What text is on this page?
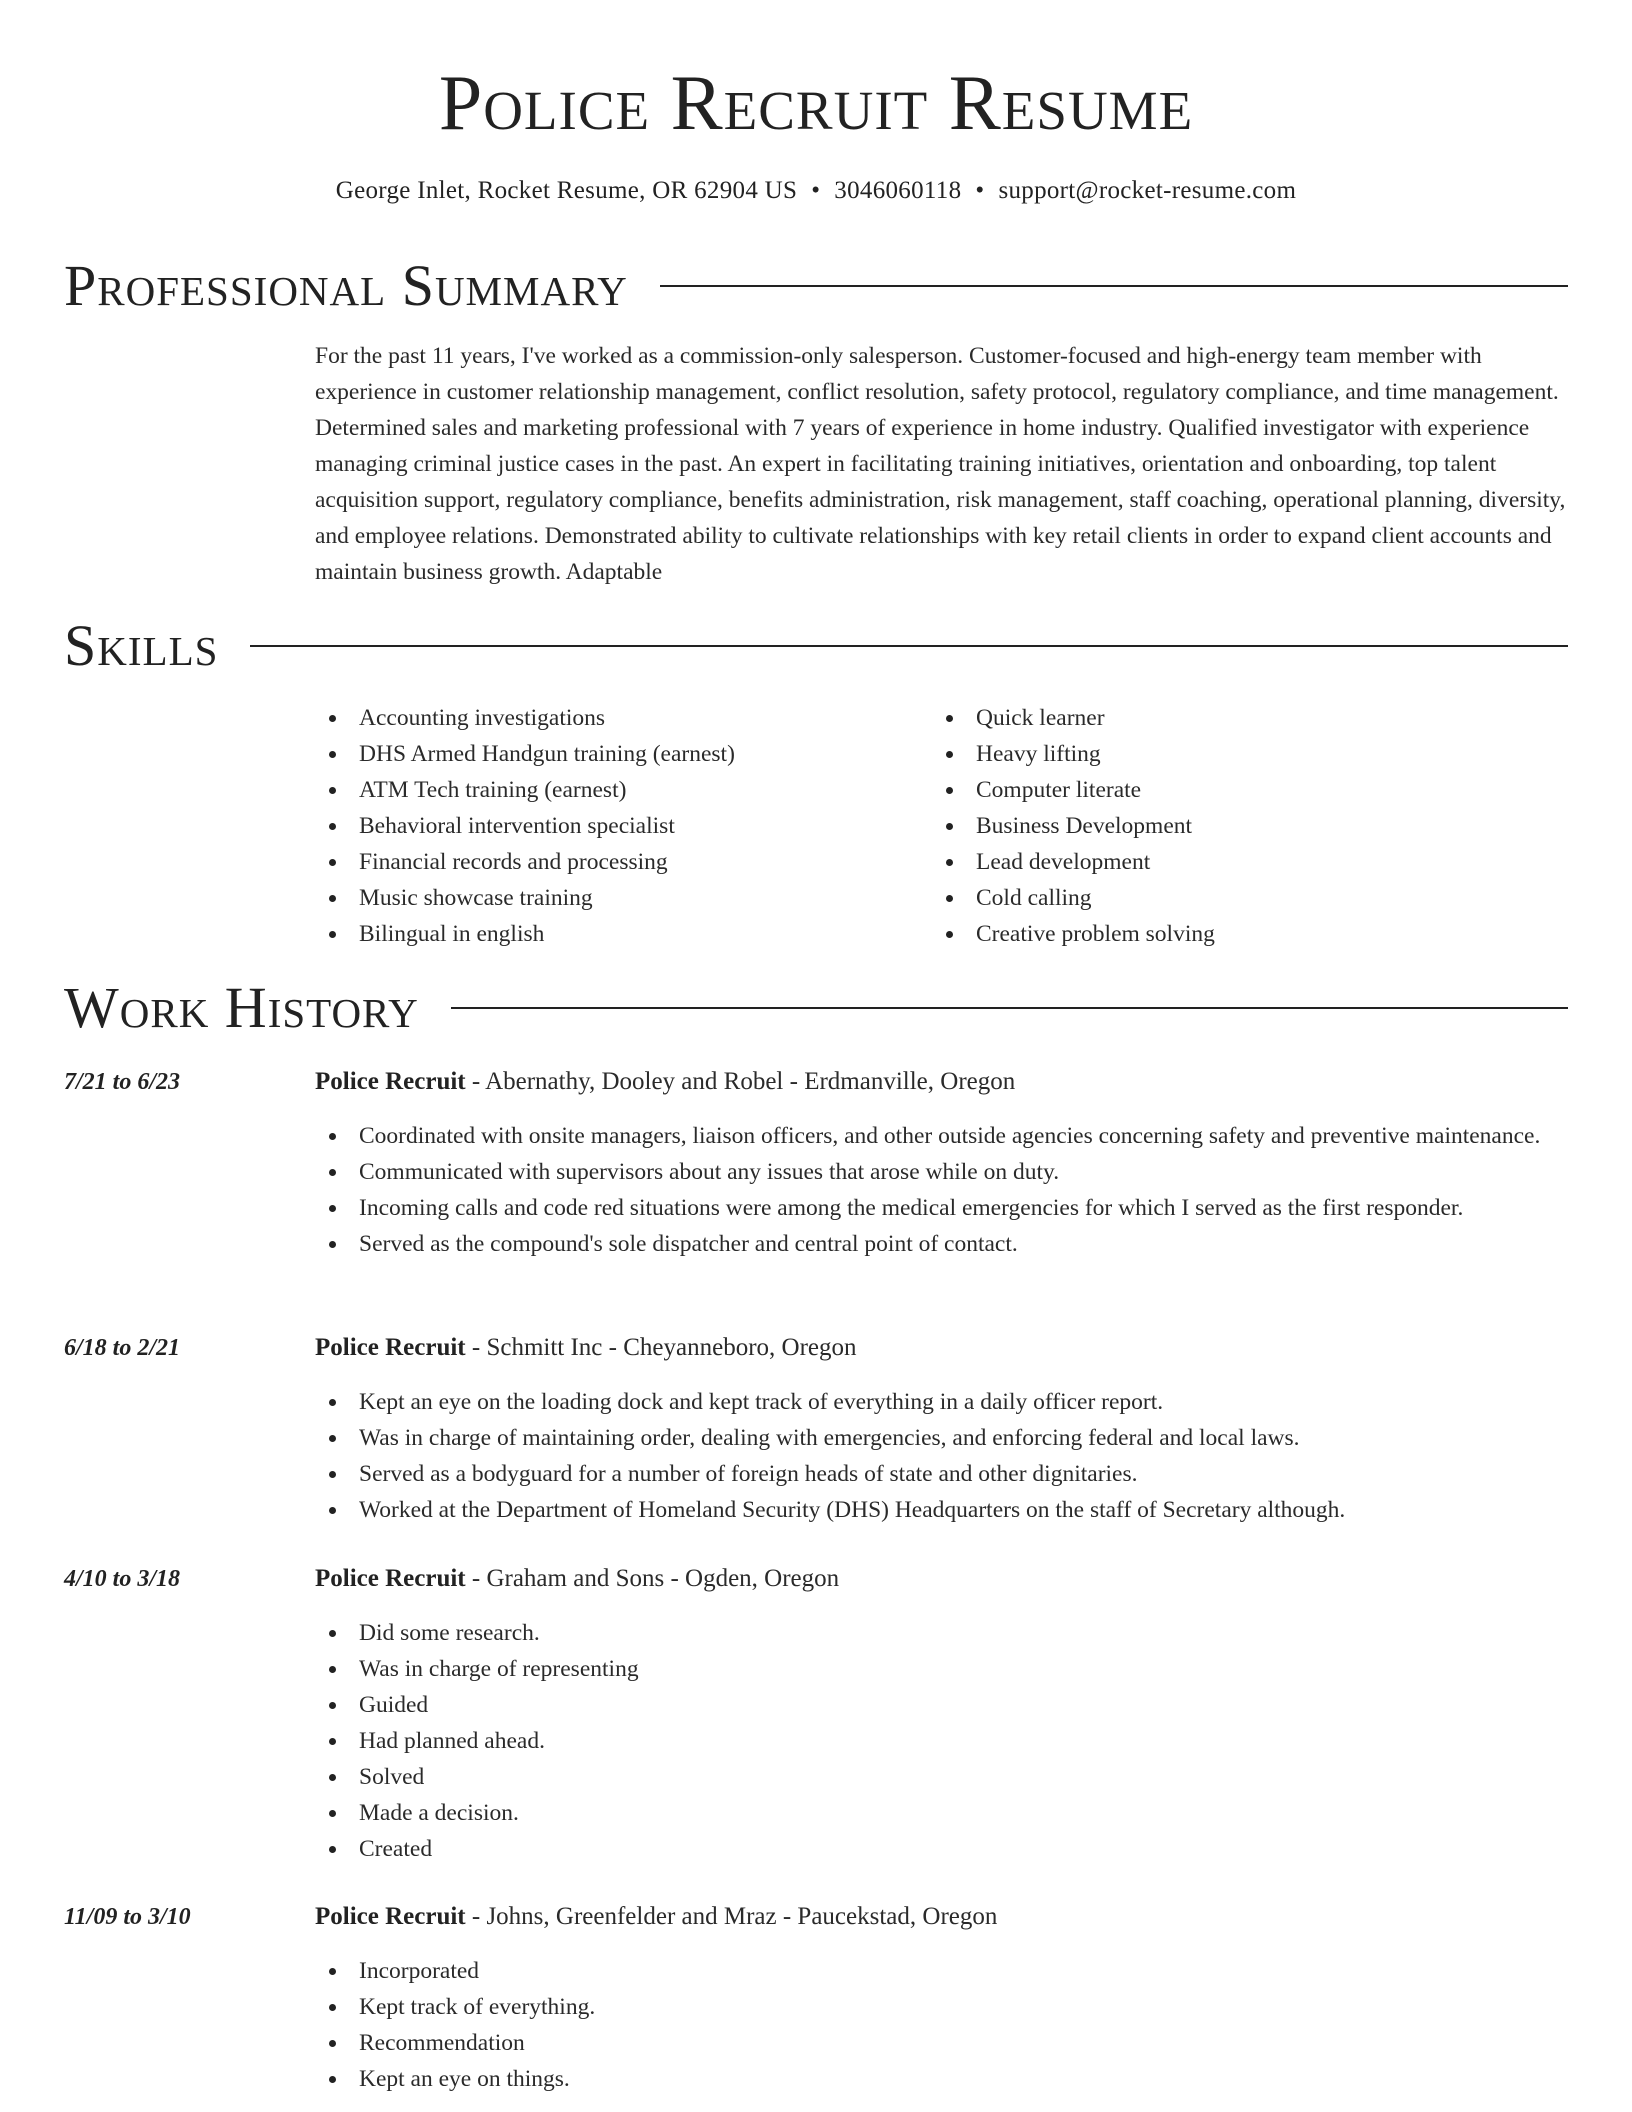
Police Recruit Resume
George Inlet, Rocket Resume, OR 62904 US • 3046060118 • support@rocket-resume.com
Professional Summary

For the past 11 years, I've worked as a commission-only salesperson. Customer-focused and high-energy team member with experience in customer relationship management, conflict resolution, safety protocol, regulatory compliance, and time management. Determined sales and marketing professional with 7 years of experience in home industry. Qualified investigator with experience managing criminal justice cases in the past. An expert in facilitating training initiatives, orientation and onboarding, top talent acquisition support, regulatory compliance, benefits administration, risk management, staff coaching, operational planning, diversity, and employee relations. Demonstrated ability to cultivate relationships with key retail clients in order to expand client accounts and maintain business growth. Adaptable

Skills
Accounting investigations
DHS Armed Handgun training (earnest)
ATM Tech training (earnest)
Behavioral intervention specialist
Financial records and processing
Music showcase training
Bilingual in english
Quick learner
Heavy lifting
Computer literate
Business Development
Lead development
Cold calling
Creative problem solving
Work History
7/21 to 6/23	Police Recruit - Abernathy, Dooley and Robel - Erdmanville, Oregon
Coordinated with onsite managers, liaison officers, and other outside agencies concerning safety and preventive maintenance.
Communicated with supervisors about any issues that arose while on duty.
Incoming calls and code red situations were among the medical emergencies for which I served as the first responder.
Served as the compound's sole dispatcher and central point of contact.
6/18 to 2/21	Police Recruit - Schmitt Inc - Cheyanneboro, Oregon
Kept an eye on the loading dock and kept track of everything in a daily officer report.
Was in charge of maintaining order, dealing with emergencies, and enforcing federal and local laws.
Served as a bodyguard for a number of foreign heads of state and other dignitaries.
Worked at the Department of Homeland Security (DHS) Headquarters on the staff of Secretary although.
4/10 to 3/18	Police Recruit - Graham and Sons - Ogden, Oregon
Did some research.
Was in charge of representing
Guided
Had planned ahead.
Solved
Made a decision.
Created
11/09 to 3/10	Police Recruit - Johns, Greenfelder and Mraz - Paucekstad, Oregon
Incorporated
Kept track of everything.
Recommendation
Kept an eye on things.
